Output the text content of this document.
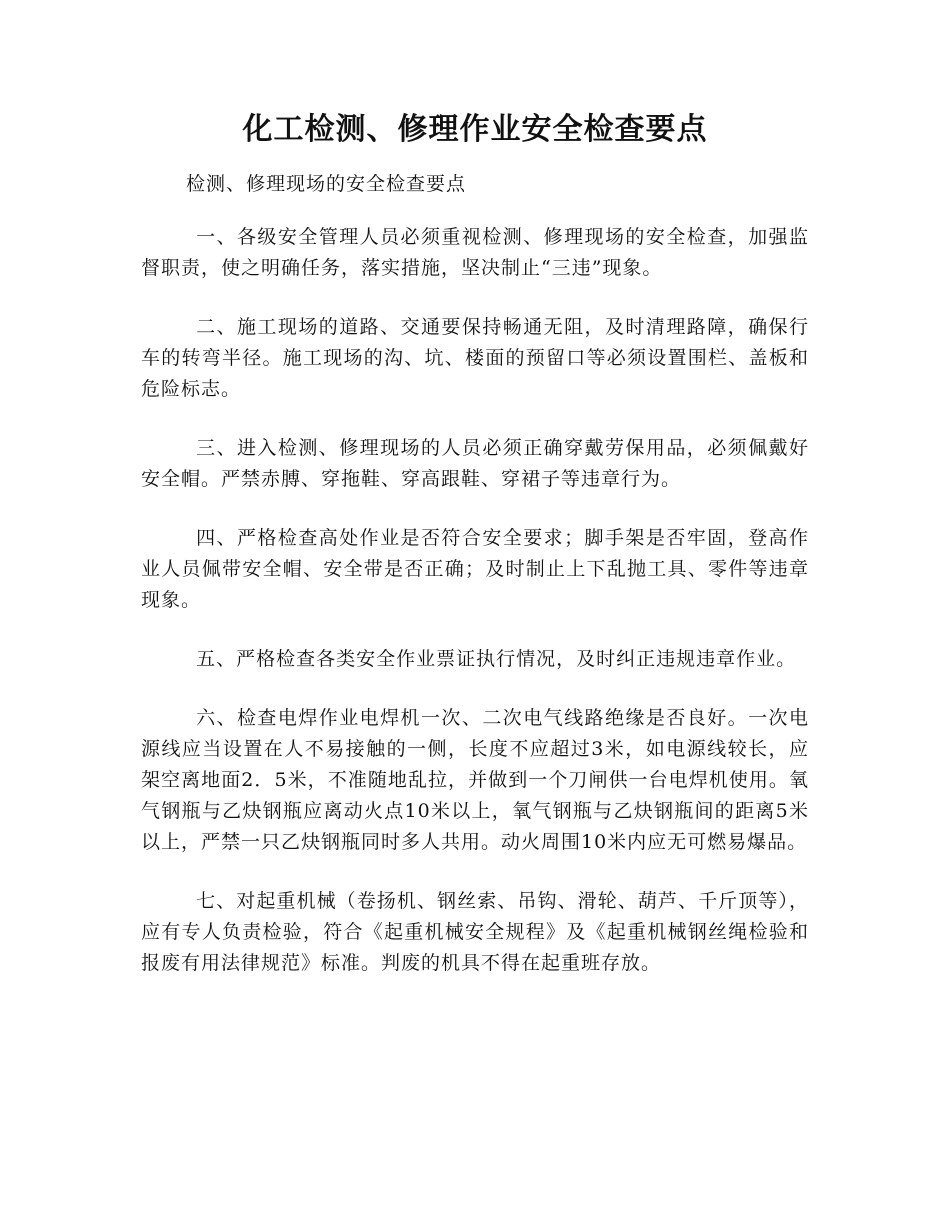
化工检测、修理作业安全检查要点

检测、修理现场的安全检查要点

一、各级安全管理人员必须重视检测、修理现场的安全检查，加强监督职责，使之明确任务，落实措施，坚决制止“三违”现象。

二、施工现场的道路、交通要保持畅通无阻，及时清理路障，确保行车的转弯半径。施工现场的沟、坑、楼面的预留口等必须设置围栏、盖板和危险标志。

三、进入检测、修理现场的人员必须正确穿戴劳保用品，必须佩戴好安全帽。严禁赤膊、穿拖鞋、穿高跟鞋、穿裙子等违章行为。

四、严格检查高处作业是否符合安全要求；脚手架是否牢固，登高作业人员佩带安全帽、安全带是否正确；及时制止上下乱抛工具、零件等违章现象。

五、严格检查各类安全作业票证执行情况，及时纠正违规违章作业。

六、检查电焊作业电焊机一次、二次电气线路绝缘是否良好。一次电源线应当设置在人不易接触的一侧，长度不应超过3米，如电源线较长，应架空离地面2．5米，不准随地乱拉，并做到一个刀闸供一台电焊机使用。氧气钢瓶与乙炔钢瓶应离动火点10米以上，氧气钢瓶与乙炔钢瓶间的距离5米以上，严禁一只乙炔钢瓶同时多人共用。动火周围10米内应无可燃易爆品。

七、对起重机械（卷扬机、钢丝索、吊钩、滑轮、葫芦、千斤顶等），应有专人负责检验，符合《起重机械安全规程》及《起重机械钢丝绳检验和报废有用法律规范》标准。判废的机具不得在起重班存放。
